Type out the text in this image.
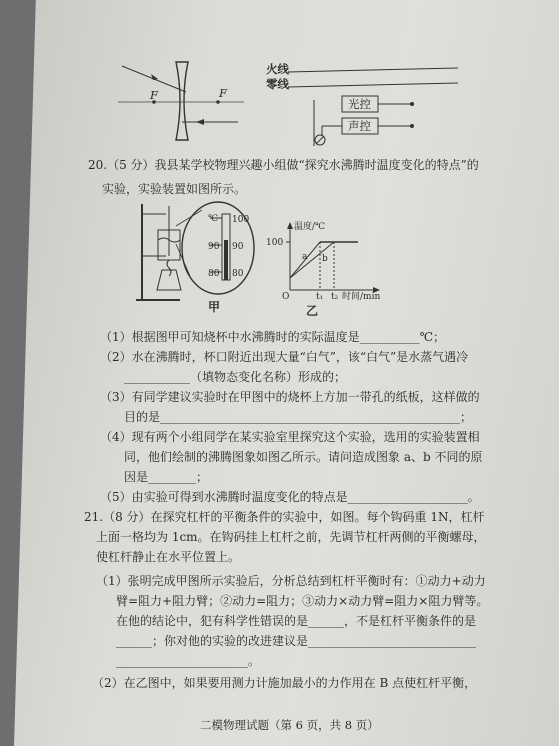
F	F
火线
零线
光控
声控
20.（5 分）我县某学校物理兴趣小组做“探究水沸腾时温度变化的特点”的
实验，实验装置如图所示。
℃ 100
90
80
90
80
甲
温度/℃
100
O	t₁ t₂ 时间/min
a b
乙
（1）根据图甲可知烧杯中水沸腾时的实际温度是__________℃；
（2）水在沸腾时，杯口附近出现大量“白气”，该“白气”是水蒸气遇冷
___________（填物态变化名称）形成的；
（3）有同学建议实验时在甲图中的烧杯上方加一带孔的纸板，这样做的
目的是__________________________________________________；
（4）现有两个小组同学在某实验室里探究这个实验，选用的实验装置相
同，他们绘制的沸腾图象如图乙所示。请问造成图象 a、b 不同的原
因是________；
（5）由实验可得到水沸腾时温度变化的特点是____________________。
21.（8 分）在探究杠杆的平衡条件的实验中，如图。每个钩码重 1N，杠杆
上面一格均为 1cm。在钩码挂上杠杆之前，先调节杠杆两侧的平衡螺母，
使杠杆静止在水平位置上。
（1）张明完成甲图所示实验后，分析总结到杠杆平衡时有：①动力+动力
臂=阻力+阻力臂；②动力=阻力；③动力×动力臂=阻力×阻力臂等。
在他的结论中，犯有科学性错误的是______，不是杠杆平衡条件的是
______；你对他的实验的改进建议是____________________________
______________________。
（2）在乙图中，如果要用测力计施加最小的力作用在 B 点使杠杆平衡，
二模物理试题（第 6 页，共 8 页）
